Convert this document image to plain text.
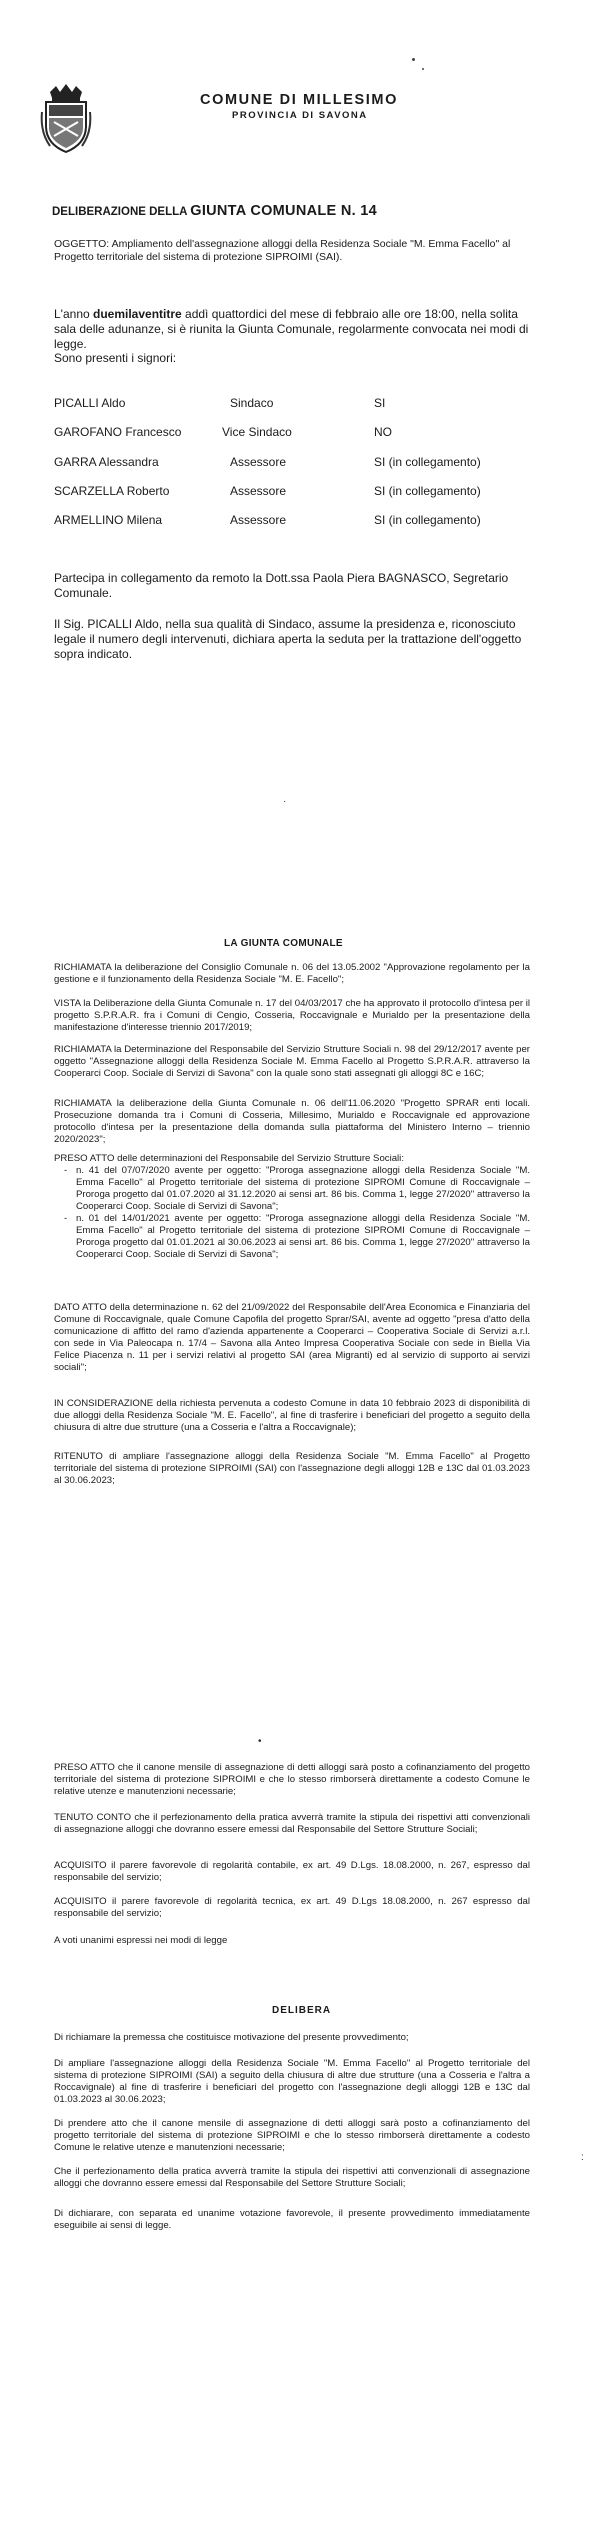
COMUNE DI MILLESIMO
PROVINCIA DI SAVONA
DELIBERAZIONE DELLA GIUNTA COMUNALE N. 14
OGGETTO: Ampliamento dell'assegnazione alloggi della Residenza Sociale "M. Emma Facello" al Progetto territoriale del sistema di protezione SIPROIMI (SAI).
L'anno duemilaventitre addì quattordici del mese di febbraio alle ore 18:00, nella solita sala delle adunanze, si è riunita la Giunta Comunale, regolarmente convocata nei modi di legge.
Sono presenti i signori:
PICALLI Aldo	Sindaco	SI
GAROFANO Francesco	Vice Sindaco	NO
GARRA Alessandra	Assessore	SI (in collegamento)
SCARZELLA Roberto	Assessore	SI (in collegamento)
ARMELLINO Milena	Assessore	SI (in collegamento)
Partecipa in collegamento da remoto la Dott.ssa Paola Piera BAGNASCO, Segretario Comunale.
Il Sig. PICALLI Aldo, nella sua qualità di Sindaco, assume la presidenza e, riconosciuto legale il numero degli intervenuti, dichiara aperta la seduta per la trattazione dell'oggetto sopra indicato.
·
•
:
LA GIUNTA COMUNALE
RICHIAMATA la deliberazione del Consiglio Comunale n. 06 del 13.05.2002 "Approvazione regolamento per la gestione e il funzionamento della Residenza Sociale "M. E. Facello";
VISTA la Deliberazione della Giunta Comunale n. 17 del 04/03/2017 che ha approvato il protocollo d'intesa per il progetto S.P.R.A.R. fra i Comuni di Cengio, Cosseria, Roccavignale e Murialdo per la presentazione della manifestazione d'interesse triennio 2017/2019;
RICHIAMATA la Determinazione del Responsabile del Servizio Strutture Sociali n. 98 del 29/12/2017 avente per oggetto "Assegnazione alloggi della Residenza Sociale M. Emma Facello al Progetto S.P.R.A.R. attraverso la Cooperarci Coop. Sociale di Servizi di Savona" con la quale sono stati assegnati gli alloggi 8C e 16C;
RICHIAMATA la deliberazione della Giunta Comunale n. 06 dell'11.06.2020 "Progetto SPRAR enti locali. Prosecuzione domanda tra i Comuni di Cosseria, Millesimo, Murialdo e Roccavignale ed approvazione protocollo d'intesa per la presentazione della domanda sulla piattaforma del Ministero Interno – triennio 2020/2023";
PRESO ATTO delle determinazioni del Responsabile del Servizio Strutture Sociali:
- n. 41 del 07/07/2020 avente per oggetto: "Proroga assegnazione alloggi della Residenza Sociale "M. Emma Facello" al Progetto territoriale del sistema di protezione SIPROMI Comune di Roccavignale – Proroga progetto dal 01.07.2020 al 31.12.2020 ai sensi art. 86 bis. Comma 1, legge 27/2020" attraverso la Cooperarci Coop. Sociale di Servizi di Savona";
- n. 01 del 14/01/2021 avente per oggetto: "Proroga assegnazione alloggi della Residenza Sociale "M. Emma Facello" al Progetto territoriale del sistema di protezione SIPROMI Comune di Roccavignale – Proroga progetto dal 01.01.2021 al 30.06.2023 ai sensi art. 86 bis. Comma 1, legge 27/2020" attraverso la Cooperarci Coop. Sociale di Servizi di Savona";
DATO ATTO della determinazione n. 62 del 21/09/2022 del Responsabile dell'Area Economica e Finanziaria del Comune di Roccavignale, quale Comune Capofila del progetto Sprar/SAI, avente ad oggetto "presa d'atto della comunicazione di affitto del ramo d'azienda appartenente a Cooperarci – Cooperativa Sociale di Servizi a.r.l. con sede in Via Paleocapa n. 17/4 – Savona alla Anteo Impresa Cooperativa Sociale con sede in Biella Via Felice Piacenza n. 11 per i servizi relativi al progetto SAI (area Migranti) ed al servizio di supporto ai servizi sociali";
IN CONSIDERAZIONE della richiesta pervenuta a codesto Comune in data 10 febbraio 2023 di disponibilità di due alloggi della Residenza Sociale "M. E. Facello", al fine di trasferire i beneficiari del progetto a seguito della chiusura di altre due strutture (una a Cosseria e l'altra a Roccavignale);
RITENUTO di ampliare l'assegnazione alloggi della Residenza Sociale "M. Emma Facello" al Progetto territoriale del sistema di protezione SIPROIMI (SAI) con l'assegnazione degli alloggi 12B e 13C dal 01.03.2023 al 30.06.2023;
PRESO ATTO che il canone mensile di assegnazione di detti alloggi sarà posto a cofinanziamento del progetto territoriale del sistema di protezione SIPROIMI e che lo stesso rimborserà direttamente a codesto Comune le relative utenze e manutenzioni necessarie;
TENUTO CONTO che il perfezionamento della pratica avverrà tramite la stipula dei rispettivi atti convenzionali di assegnazione alloggi che dovranno essere emessi dal Responsabile del Settore Strutture Sociali;
ACQUISITO il parere favorevole di regolarità contabile, ex art. 49 D.Lgs. 18.08.2000, n. 267, espresso dal responsabile del servizio;
ACQUISITO il parere favorevole di regolarità tecnica, ex art. 49 D.Lgs 18.08.2000, n. 267 espresso dal responsabile del servizio;
A voti unanimi espressi nei modi di legge
DELIBERA
Di richiamare la premessa che costituisce motivazione del presente provvedimento;
Di ampliare l'assegnazione alloggi della Residenza Sociale "M. Emma Facello" al Progetto territoriale del sistema di protezione SIPROIMI (SAI) a seguito della chiusura di altre due strutture (una a Cosseria e l'altra a Roccavignale) al fine di trasferire i beneficiari del progetto con l'assegnazione degli alloggi 12B e 13C dal 01.03.2023 al 30.06.2023;
Di prendere atto che il canone mensile di assegnazione di detti alloggi sarà posto a cofinanziamento del progetto territoriale del sistema di protezione SIPROIMI e che lo stesso rimborserà direttamente a codesto Comune le relative utenze e manutenzioni necessarie;
Che il perfezionamento della pratica avverrà tramite la stipula dei rispettivi atti convenzionali di assegnazione alloggi che dovranno essere emessi dal Responsabile del Settore Strutture Sociali;
Di dichiarare, con separata ed unanime votazione favorevole, il presente provvedimento immediatamente eseguibile ai sensi di legge.
